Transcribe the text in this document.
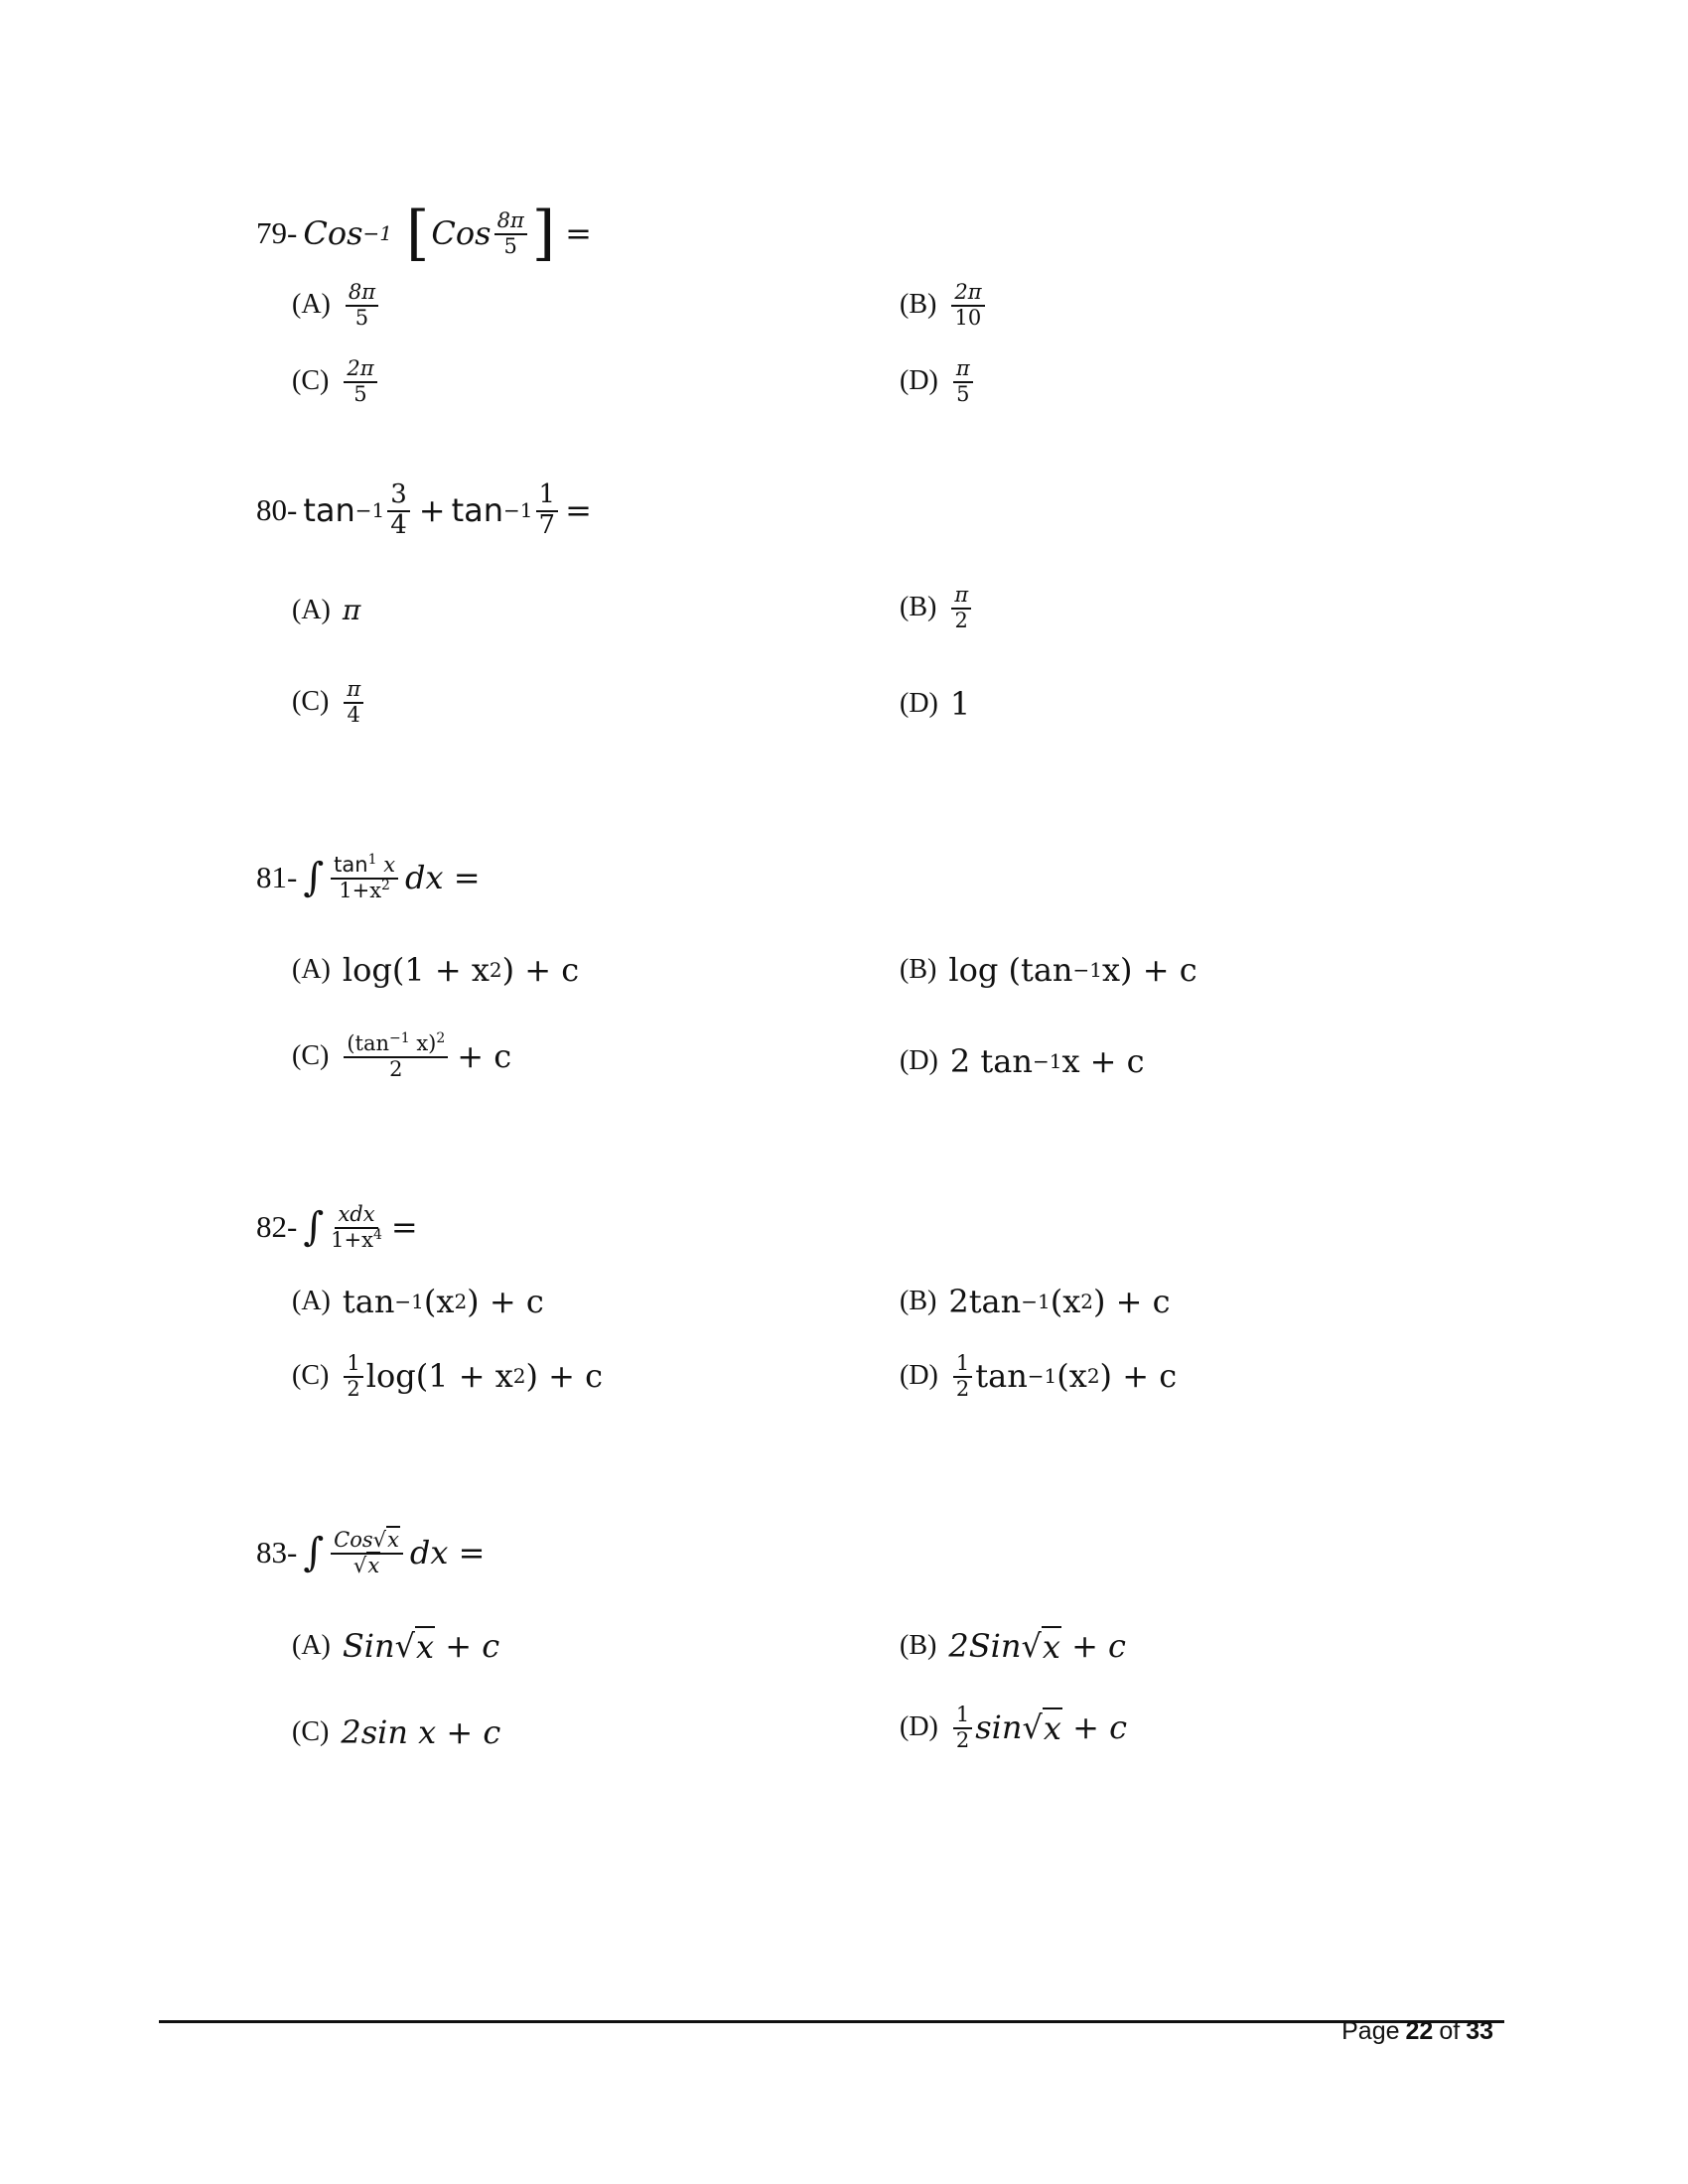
79- Cos −1 [ Cos $\frac{8\pi}{5}$ ] =
$(A) \frac{8\pi}{5}$	$(B) \frac{2\pi}{10}$
$(C) \frac{2\pi}{5}$	$(D) \frac{\pi}{5}$
80- $\tan -1 \frac{3}{4} + \tan -1 \frac{1}{7}$ =
(A) π	$(B) \frac{\pi}{2}$
$(C) \frac{\pi}{4}$	(D) 1
81- ∫ $\frac{\tan^1 x}{1+x^2}$ dx =
(A) log(1 + x 2 ) + c	(B) log (tan −1 x) + c
$(C) \frac{(\tan^{-1} x)^2}{2} + c$	(D) 2 tan −1 x + c
82- ∫ $\frac{\text{xdx}}{1+x^4}$ =
(A) tan −1 (x 2 ) + c	(B) 2tan −1 (x 2 ) + c
$(C) \frac{1}{2} \log(1 + x$ 2 ) + c	$(D) \frac{1}{2}$ tan −1 (x 2 ) + c
83- ∫ $\frac{\text{Cos√x}}{√x}$ dx =
(A) Sin √ x + c	(B) 2Sin √ x + c
(C) 2sin x + c	$(D) \frac{1}{2}$ sin √ x + c
Page 22 of 33
